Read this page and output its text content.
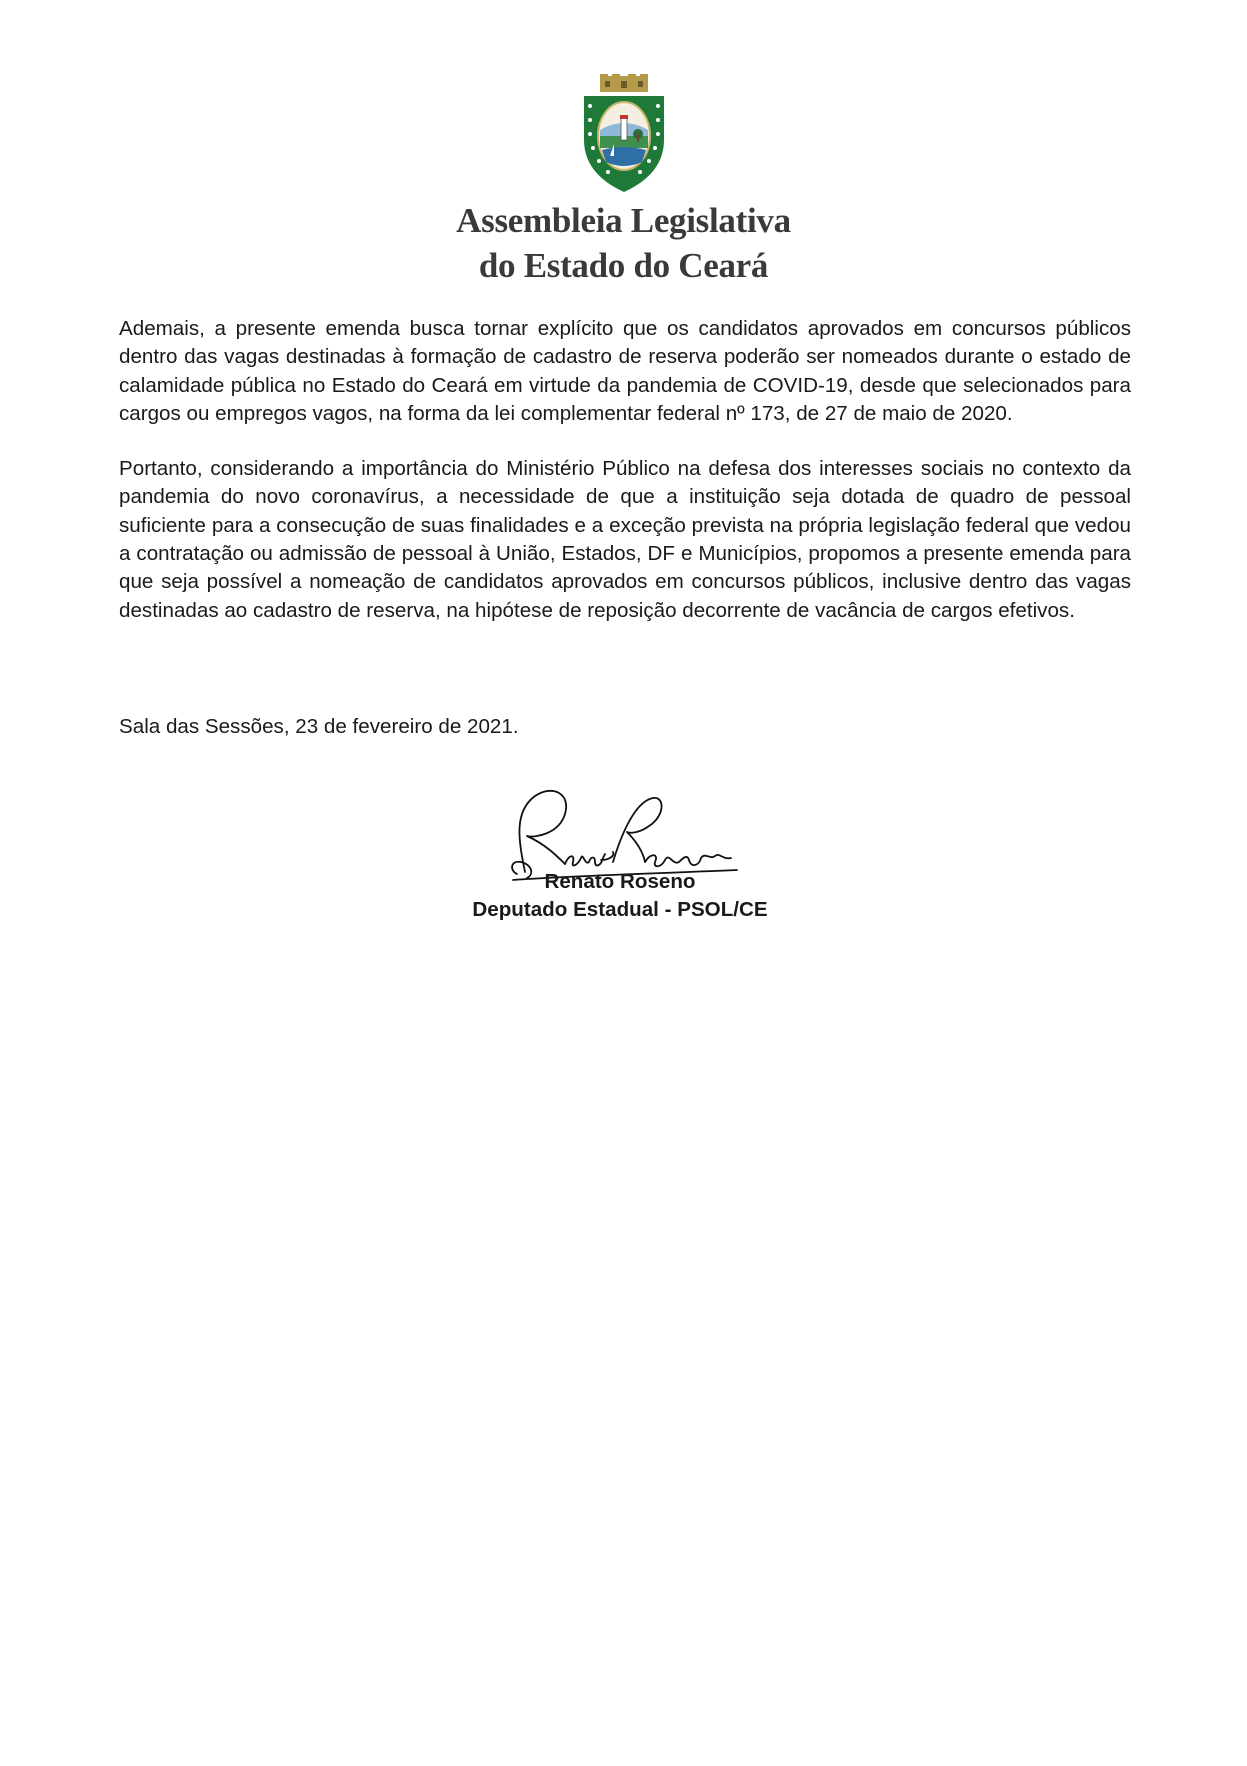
Assembleia Legislativa
do Estado do Ceará

Ademais, a presente emenda busca tornar explícito que os candidatos aprovados em concursos públicos dentro das vagas destinadas à formação de cadastro de reserva poderão ser nomeados durante o estado de calamidade pública no Estado do Ceará em virtude da pandemia de COVID-19, desde que selecionados para cargos ou empregos vagos, na forma da lei complementar federal nº 173, de 27 de maio de 2020.

Portanto, considerando a importância do Ministério Público na defesa dos interesses sociais no contexto da pandemia do novo coronavírus, a necessidade de que a instituição seja dotada de quadro de pessoal suficiente para a consecução de suas finalidades e a exceção prevista na própria legislação federal que vedou a contratação ou admissão de pessoal à União, Estados, DF e Municípios, propomos a presente emenda para que seja possível a nomeação de candidatos aprovados em concursos públicos, inclusive dentro das vagas destinadas ao cadastro de reserva, na hipótese de reposição decorrente de vacância de cargos efetivos.

Sala das Sessões, 23 de fevereiro de 2021.
Renato Roseno
Deputado Estadual - PSOL/CE
